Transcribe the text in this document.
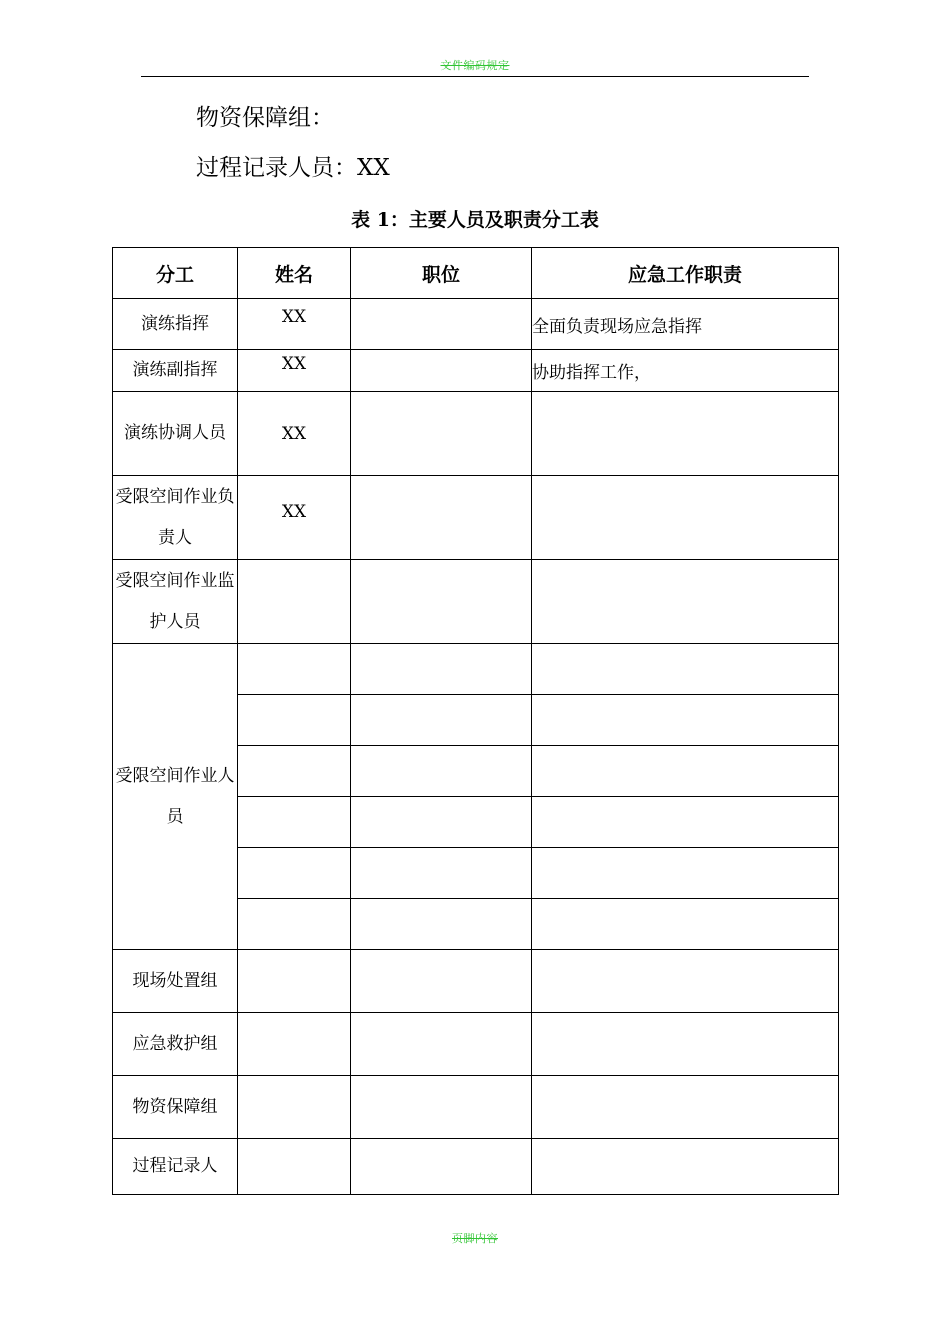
文件编码规定
物资保障组：
过程记录人员：XX
表 1：主要人员及职责分工表
分工	姓名	职位	应急工作职责
演练指挥	XX		全面负责现场应急指挥
演练副指挥	XX		协助指挥工作，
演练协调人员	XX		
受限空间作业负责人	XX		
受限空间作业监护人员			
受限空间作业人员			

现场处置组			
应急救护组			
物资保障组			
过程记录人			
页脚内容
